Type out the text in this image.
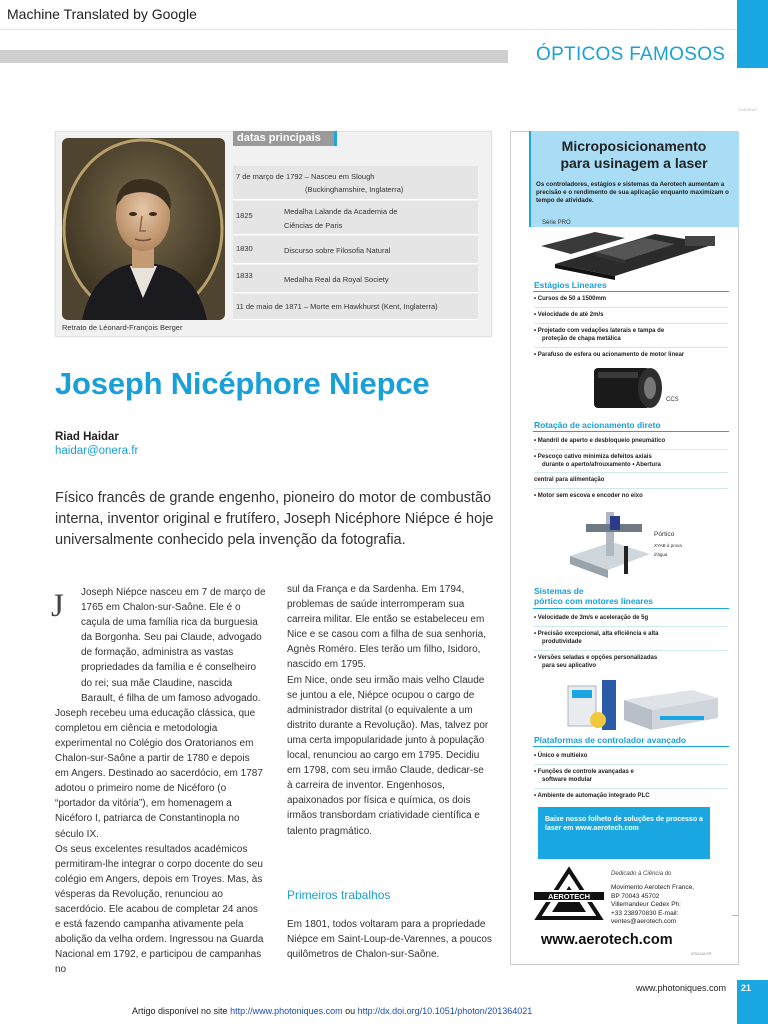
Machine Translated by Google
ÓPTICOS FAMOSOS
SUBHEAD
Retrato de Léonard-François Berger
datas principais
7 de março de 1792 – Nasceu em Slough
(Buckinghamshire, Inglaterra)
1825	Medalha Lalande da Academia de
Ciências de Paris
1830	Discurso sobre Filosofia Natural
1833	Medalha Real da Royal Society
11 de maio de 1871 – Morte em Hawkhurst (Kent, Inglaterra)
Joseph Nicéphore Niepce
Riad Haidar
haidar@onera.fr
Físico francês de grande engenho, pioneiro do motor de combustão interna, inventor original e frutífero, Joseph Nicéphore Niépce é hoje universalmente conhecido pela invenção da fotografia.
J	Joseph Niépce nasceu em 7 de março de 1765 em Chalon-sur-Saône. Ele é o caçula de uma família rica da burguesia da Borgonha. Seu pai Claude, advogado de formação, administra as vastas propriedades da família e é conselheiro do rei; sua mãe Claudine, nascida Barault, é filha de um famoso advogado.

Joseph recebeu uma educação clássica, que completou em ciência e metodologia experimental no Colégio dos Oratorianos em Chalon-sur-Saône a partir de 1780 e depois em Angers. Destinado ao sacerdócio, em 1787 adotou o primeiro nome de Nicéforo (o “portador da vitória”), em homenagem a Nicéforo I, patriarca de Constantinopla no século IX.

Os seus excelentes resultados académicos permitiram-lhe integrar o corpo docente do seu colégio em Angers, depois em Troyes. Mas, às vésperas da Revolução, renunciou ao sacerdócio. Ele acabou de completar 24 anos e está fazendo campanha ativamente pela abolição da velha ordem. Ingressou na Guarda Nacional em 1792, e participou de campanhas no

sul da França e da Sardenha. Em 1794, problemas de saúde interromperam sua carreira militar. Ele então se estabeleceu em Nice e se casou com a filha de sua senhoria, Agnès Roméro. Eles terão um filho, Isidoro, nascido em 1795.

Em Nice, onde seu irmão mais velho Claude se juntou a ele, Niépce ocupou o cargo de administrador distrital (o equivalente a um distrito durante a Revolução). Mas, talvez por uma certa impopularidade junto à população local, renunciou ao cargo em 1795. Decidiu em 1798, com seu irmão Claude, dedicar-se à carreira de inventor. Engenhosos, apaixonados por física e química, os dois irmãos transbordam criatividade científica e talento pragmático.

Primeiros trabalhos
Em 1801, todos voltaram para a propriedade Niépce em Saint-Loup-de-Varennes, a poucos quilômetros de Chalon-sur-Saône.
Microposicionamento
para usinagem a laser
Os controladores, estágios e sistemas da Aerotech aumentam a precisão e o rendimento de sua aplicação enquanto maximizam o tempo de atividade.
Série PRO
Estágios Lineares
• Cursos de 50 a 1500mm
• Velocidade de até 2m/s
• Projetado com vedações laterais e tampa de
proteção de chapa metálica
• Parafuso de esfera ou acionamento de motor linear
CCS
Rotação de acionamento direto
• Mandril de aperto e desbloqueio pneumático
• Pescoço cativo minimiza defeitos axiais
durante o aperto/afrouxamento • Abertura
central para alimentação
• Motor sem escova e encoder no eixo
Pórtico
XYAB à prova d'água
Sistemas de
pórtico com motores lineares
• Velocidade de 3m/s e aceleração de 5g
• Precisão excepcional, alta eficiência e alta
produtividade
• Versões seladas e opções personalizadas
para seu aplicativo
Plataformas de controlador avançado
• Único e multieixo
• Funções de controle avançadas e
software modular
• Ambiente de automação integrado PLC
Baixe nosso folheto de soluções de processo a laser em www.aerotech.com
AEROTECH
Dedicado à Ciência do
Movimento Aerotech France,
BP 70043 45702
Villemandeur Cedex Ph:
+33 238970830 E-mail:
ventes@aerotech.com
www.aerotech.com
AT0414A-FR
—
www.photoniques.com 21
Artigo disponível no site http://www.photoniques.com ou http://dx.doi.org/10.1051/photon/201364021
